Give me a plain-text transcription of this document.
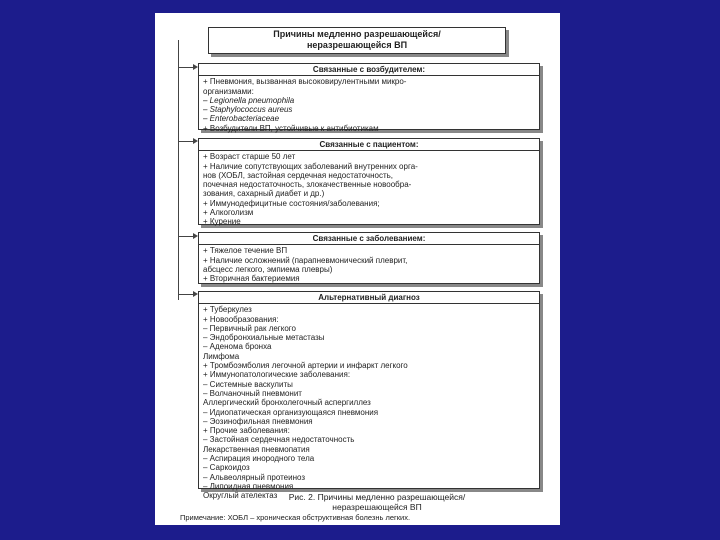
Причины медленно разрешающейся/
неразрешающейся ВП
Связанные с возбудителем:
+ Пневмония, вызванная высоковирулентными микро-
организмами:
– Legionella pneumophila
– Staphylococcus aureus
– Enterobacteriaceae
+ Возбудители ВП, устойчивые к антибиотикам
Связанные с пациентом:
+ Возраст старше 50 лет
+ Наличие сопутствующих заболеваний внутренних орга-
нов (ХОБЛ, застойная сердечная недостаточность,
почечная недостаточность, злокачественные новообра-
зования, сахарный диабет и др.)
+ Иммунодефицитные состояния/заболевания;
+ Алкоголизм
+ Курение
Связанные с заболеванием:
+ Тяжелое течение ВП
+ Наличие осложнений (парапневмонический плеврит,
абсцесс легкого, эмпиема плевры)
+ Вторичная бактериемия
Альтернативный диагноз
+ Туберкулез
+ Новообразования:
– Первичный рак легкого
– Эндобронхиальные метастазы
– Аденома бронха
Лимфома
+ Тромбоэмболия легочной артерии и инфаркт легкого
+ Иммунопатологические заболевания:
– Системные васкулиты
– Волчаночный пневмонит
Аллергический бронхолегочный аспергиллез
– Идиопатическая организующаяся пневмония
– Эозинофильная пневмония
+ Прочие заболевания:
– Застойная сердечная недостаточность
Лекарственная пневмопатия
– Аспирация инородного тела
– Саркоидоз
– Альвеолярный протеиноз
– Липоидная пневмония
Округлый ателектаз	Рис. 2. Причины медленно разрешающейся/
неразрешающейся ВП
Примечание: ХОБЛ – хроническая обструктивная болезнь легких.
